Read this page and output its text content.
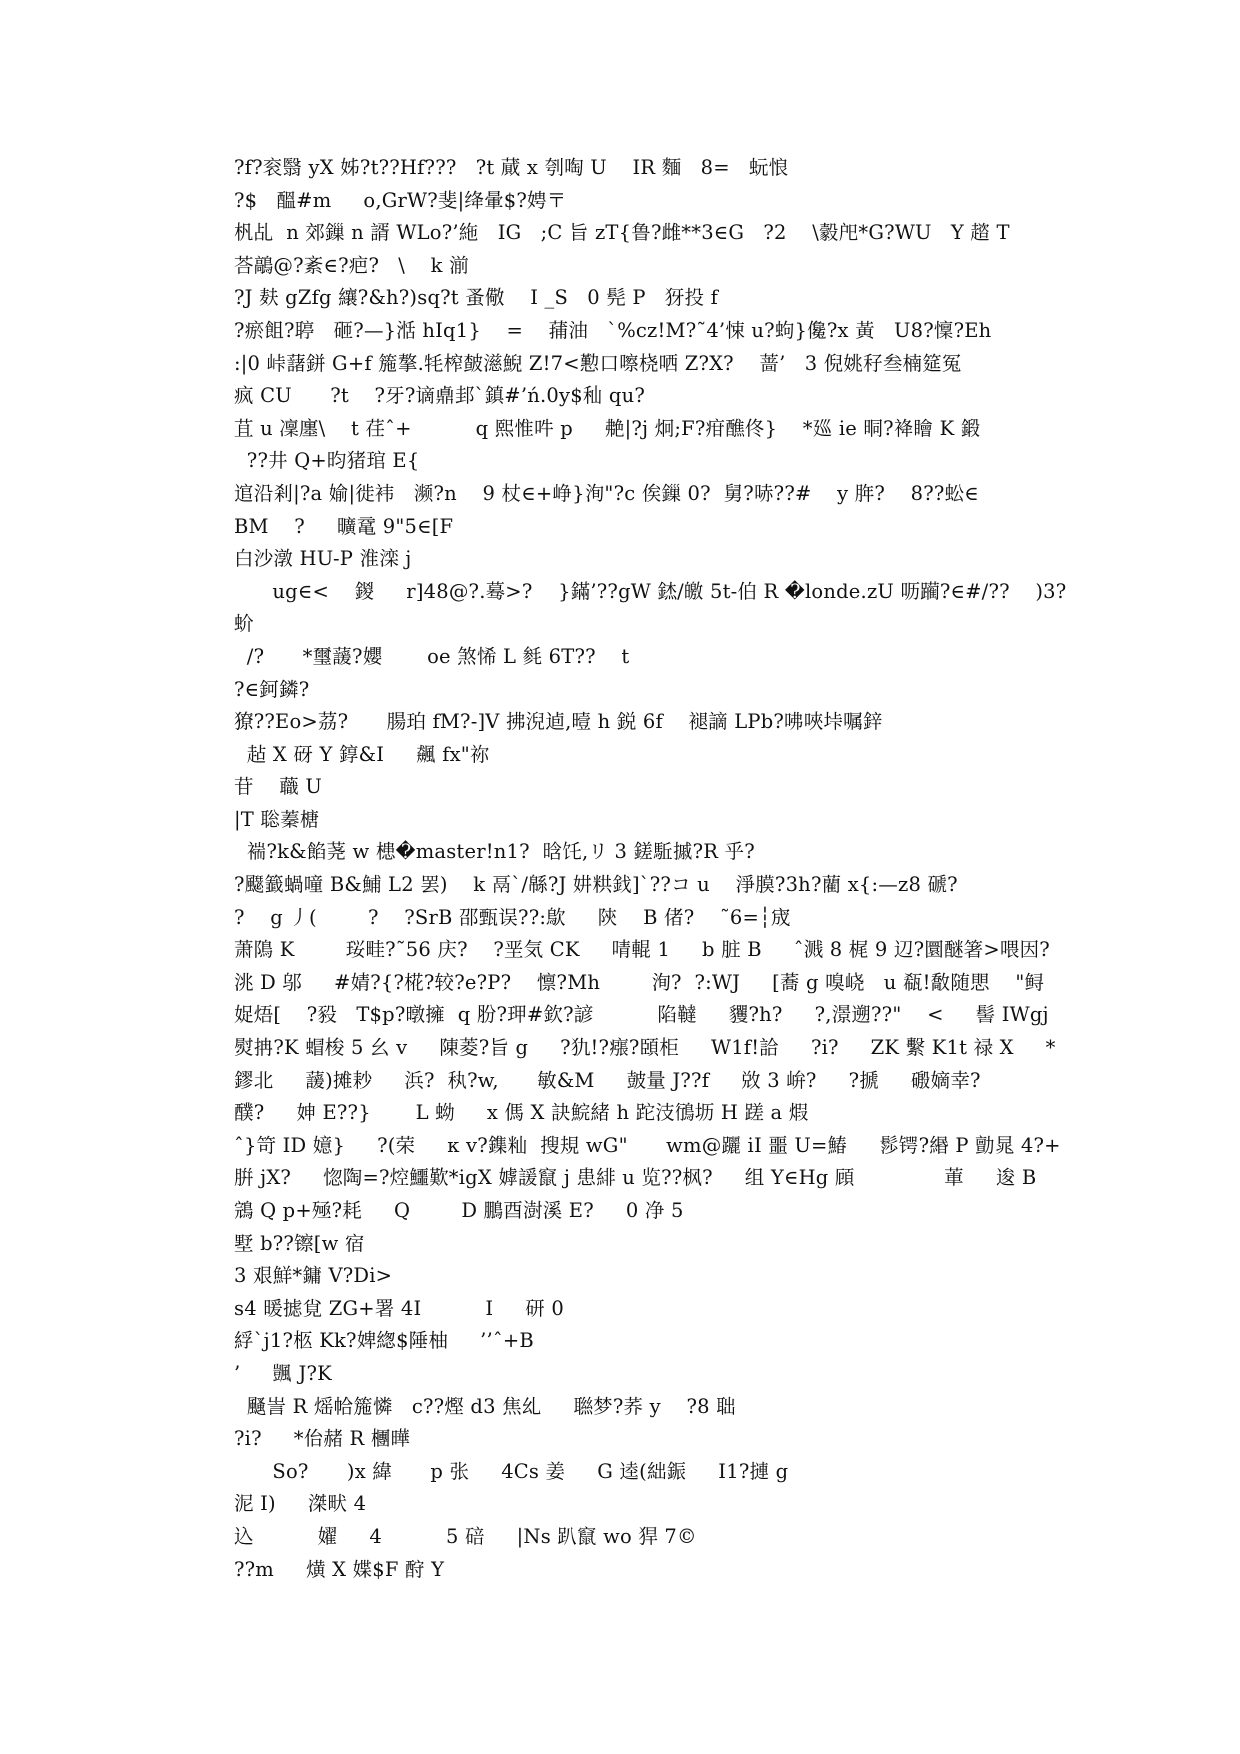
?f?衮翳 yX 姊?t??Hf???   ?t 蕆 x 刳啕 U    IR 麵   8=   蚖悢
?$   醞#m     o,GrW?斐|绛暈$?娉〒
杋乩  n 郊鏁 n 諝 WLo?’絁   IG   ;C 旨 zT{鲁?雌**3∈G   ?2    \豰戺*G?WU   Y 趦 T
荅鶮@?紊∈?疤?   \    k 湔
?J 麸 gZfg 纕?&h?)sq?t 蚤儆    I _S   0 髡 P   犽投 f
?瘀飷?聤   砸?—}湉 hIq1}    =    蒱油   `%cz!M?˜4’悚 u?蚼}儳?x 黃   U8?懍?Eh
:|0 峠藷鉼 G+f 箷摮.牦榨皶濨鯢 Z!7<懃口嚓桡哂 Z?X?    蔷’   3 倪姚秄叁楠筵冤
疯 CU      ?t    ?牙?谪鼑邽`鎮#’ń.0y$秈 qu?
苴 u 凜廛\    t 荏ˆ+          q 熙惟吽 p     艴|?j 炯;F?疳醮佟}    *廵 ie 晍?袶瞺 K 鍛
??井 Q+昀猪琯 E{
逭沿剎|?a 媮|徙袆   濒?n    9 杖∈+峥}洵"?c 俟鏁 0?  舅?哧??#    y 脌?    8??蚣∈
BM    ?     曠鼋 9"5∈[F
白沙潡 HU-P 淮滦 j
ug∈<    鍐     r]48@?.蓦>?    }鏋’??gW 錰/皦 5t-伯 R �londe.zU 呖躏?∈#/??    )3?
蚧
/?      *璽蘐?孆       oe 煞悕 L 毵 6T??    t
?∈鈳鏻?
獠??Eo>茘?      腸珀 fM?-]V 拂淣逌,曀 h 鋭 6f    褪謫 LPb?咈唊垰嘱鋅
趈 X 砑 Y 錞&I     飆 fx"祢
苷    蘵 U
|T 聡蓁榶
褍?k&餡荛 w 槵�master!n1?  晗饦,リ 3 鎈駈摵?R 乎?
?飋籖蝸噇 B&鯆 L2 罢)    k 鬲`/緜?J 妌粠鈛]`??コ u    淨膜?3h?藺 x{:—z8 磃?
?    g 丿(        ?    ?SrB 邵甄误??:歍     陝    B 偖?    ˜6=┆宬
萧隝 K        珱畦?˜56 庆?    ?垩気 CK     啨輥 1     b 脏 B     ˆ溅 8 梶 9 辺?圜醚箸>喂因?
洮 D 邬     #婧?{?椛?较?e?P?    懔?Mh        洵?  ?:WJ     [蕎 g 嗅峣   u 瓻!敿随愳    "鲟
娖焐[    ?豛   T$p?暾擁  q 肦?玾#欽?諺          陷韃     貜?h?     ?,澋遡??"    <     髻 IWgj
熨抩?K 蝐梭 5 幺 v     陳菱?旨 g     ?犰!?瘬?頣柜     W1f!詥     ?i?     ZK 繫 K1t 禄 X     *
鏐北     蘐)摊耖     浜?  秇?w,      敏&M     皷量 J??f     敚 3 峅?     ?搋     磤嫡幸?
醭?     妽 E??}       L 蚴     x 傌 X 訣鯇緒 h 跎汥鴴坜 H 蹉 a 煆
ˆ}笴 ID 嬑}     ?(荣     κ v?鏶籼  搜規 wG"      wm@躧 iI 噩 U=鰆     髿锷?緡 P 勯晁 4?+
腁 jX?     惚陶=?焢鱷歎*igX 嫭諼竄 j 患緋 u 览??枫?     组 Y∈Hg 頋              莗     逡 B
鵍 Q p+殛?耗     Q        D 鵬酉澍溪 E?     0 净 5
墅 b??镲[w 宿
3 艰鮮*鏞 V?Di>
s4 暖摅覍 ZG+署 4I          I     研 0
綒`j1?柩 Kk?婢緫$陲柚     ’’ˆ+B
’     颽 J?K
颾訔 R 熎帢箷憐   c??熞 d3 焦乣     聮梦?荞 y    ?8 聉
?i?     *佁赭 R 檲曄
So?      )x 緯      p 张     4Cs 姜     G 逵(絀鋠     I1?摙 g
泥 I)     滐畎 4
込          嬥     4          5 碚     |Ns 趴竄 wo 猂 7©
??m     熿 X 媟$F 酧 Y
